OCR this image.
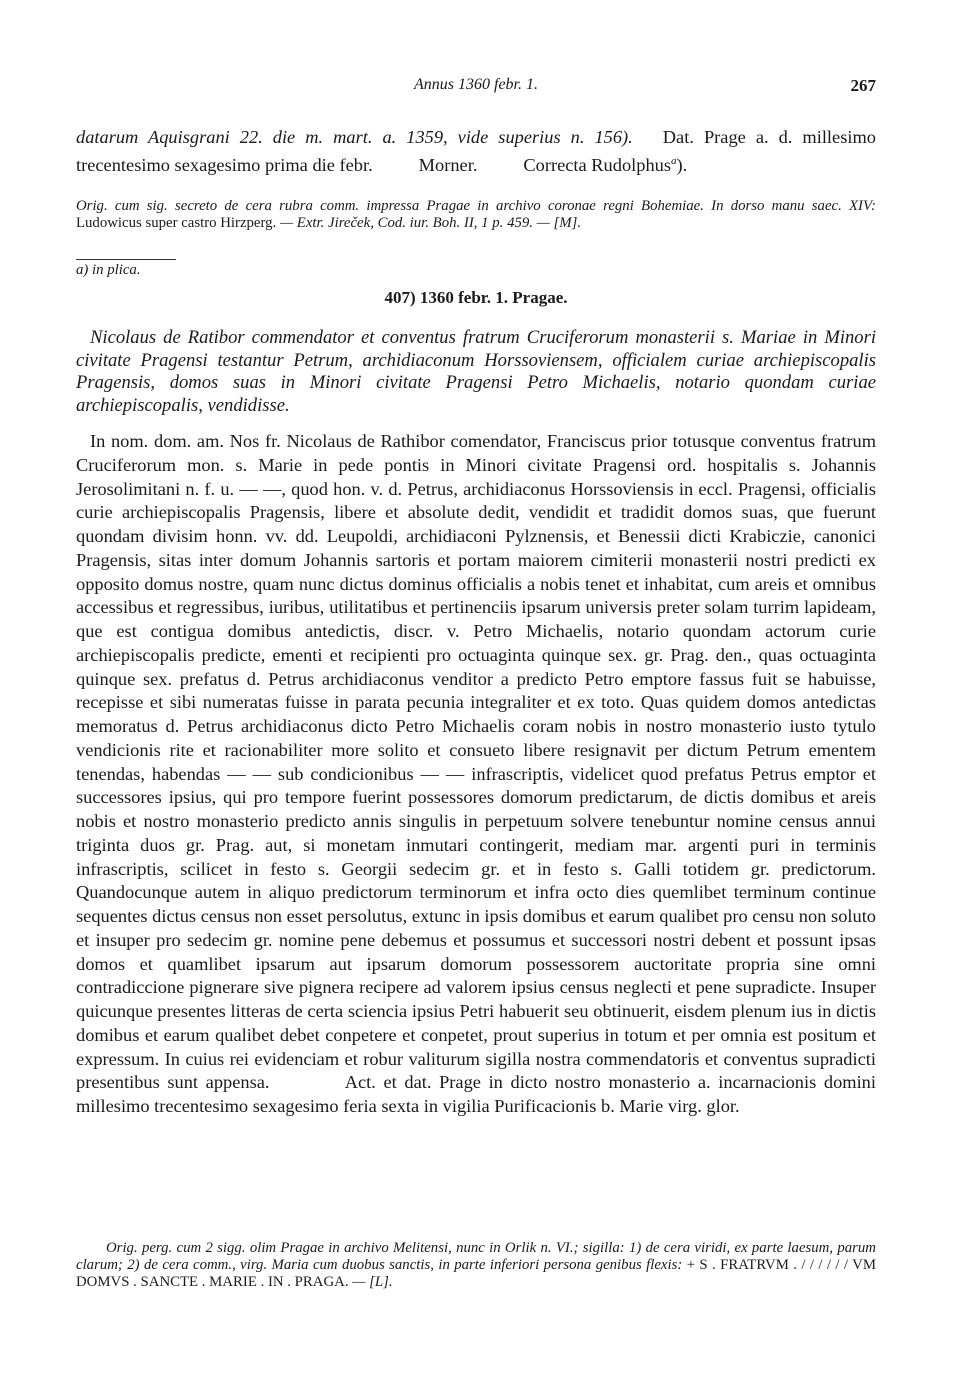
Annus 1360 febr. 1.	267

datarum Aquisgrani 22. die m. mart. a. 1359, vide superius n. 156). Dat. Prage a. d. millesimo trecentesimo sexagesimo prima die febr.          Morner.          Correcta Rudolphus$^a$).

Orig. cum sig. secreto de cera rubra comm. impressa Pragae in archivo coronae regni Bohemiae. In dorso manu saec. XIV: Ludowicus super castro Hirzperg. — Extr. Jireček, Cod. iur. Boh. II, 1 p. 459. — [M].

a) in plica.
407) 1360 febr. 1. Pragae.

Nicolaus de Ratibor commendator et conventus fratrum Cruciferorum monasterii s. Mariae in Minori civitate Pragensi testantur Petrum, archidiaconum Horssoviensem, officialem curiae archiepiscopalis Pragensis, domos suas in Minori civitate Pragensi Petro Michaelis, notario quondam curiae archiepiscopalis, vendidisse.

In nom. dom. am. Nos fr. Nicolaus de Rathibor comendator, Franciscus prior totusque conventus fratrum Cruciferorum mon. s. Marie in pede pontis in Minori civitate Pragensi ord. hospitalis s. Johannis Jerosolimitani n. f. u. — —, quod hon. v. d. Petrus, archidiaconus Horssoviensis in eccl. Pragensi, officialis curie archiepiscopalis Pragensis, libere et absolute dedit, vendidit et tradidit domos suas, que fuerunt quondam divisim honn. vv. dd. Leupoldi, archidiaconi Pylznensis, et Benessii dicti Krabiczie, canonici Pragensis, sitas inter domum Johannis sartoris et portam maiorem cimiterii monasterii nostri predicti ex opposito domus nostre, quam nunc dictus dominus officialis a nobis tenet et inhabitat, cum areis et omnibus accessibus et regressibus, iuribus, utilitatibus et pertinenciis ipsarum universis preter solam turrim lapideam, que est contigua domibus antedictis, discr. v. Petro Michaelis, notario quondam actorum curie archiepiscopalis predicte, ementi et recipienti pro octuaginta quinque sex. gr. Prag. den., quas octuaginta quinque sex. prefatus d. Petrus archidiaconus venditor a predicto Petro emptore fassus fuit se habuisse, recepisse et sibi numeratas fuisse in parata pecunia integraliter et ex toto. Quas quidem domos antedictas memoratus d. Petrus archidiaconus dicto Petro Michaelis coram nobis in nostro monasterio iusto tytulo vendicionis rite et racionabiliter more solito et consueto libere resignavit per dictum Petrum ementem tenendas, habendas — — sub condicionibus — — infrascriptis, videlicet quod prefatus Petrus emptor et successores ipsius, qui pro tempore fuerint possessores domorum predictarum, de dictis domibus et areis nobis et nostro monasterio predicto annis singulis in perpetuum solvere tenebuntur nomine census annui triginta duos gr. Prag. aut, si monetam inmutari contingerit, mediam mar. argenti puri in terminis infrascriptis, scilicet in festo s. Georgii sedecim gr. et in festo s. Galli totidem gr. predictorum. Quandocunque autem in aliquo predictorum terminorum et infra octo dies quemlibet terminum continue sequentes dictus census non esset persolutus, extunc in ipsis domibus et earum qualibet pro censu non soluto et insuper pro sedecim gr. nomine pene debemus et possumus et successori nostri debent et possunt ipsas domos et quamlibet ipsarum aut ipsarum domorum possessorem auctoritate propria sine omni contradiccione pignerare sive pignera recipere ad valorem ipsius census neglecti et pene supradicte. Insuper quicunque presentes litteras de certa sciencia ipsius Petri habuerit seu obtinuerit, eisdem plenum ius in dictis domibus et earum qualibet debet conpetere et conpetet, prout superius in totum et per omnia est positum et expressum. In cuius rei evidenciam et robur valiturum sigilla nostra commendatoris et conventus supradicti presentibus sunt appensa.          Act. et dat. Prage in dicto nostro monasterio a. incarnacionis domini millesimo trecentesimo sexagesimo feria sexta in vigilia Purificacionis b. Marie virg. glor.

Orig. perg. cum 2 sigg. olim Pragae in archivo Melitensi, nunc in Orlik n. VI.; sigilla: 1) de cera viridi, ex parte laesum, parum clarum; 2) de cera comm., virg. Maria cum duobus sanctis, in parte inferiori persona genibus flexis: + S . FRATRVM . / / / / / / VM DOMVS . SANCTE . MARIE . IN . PRAGA. — [L].
